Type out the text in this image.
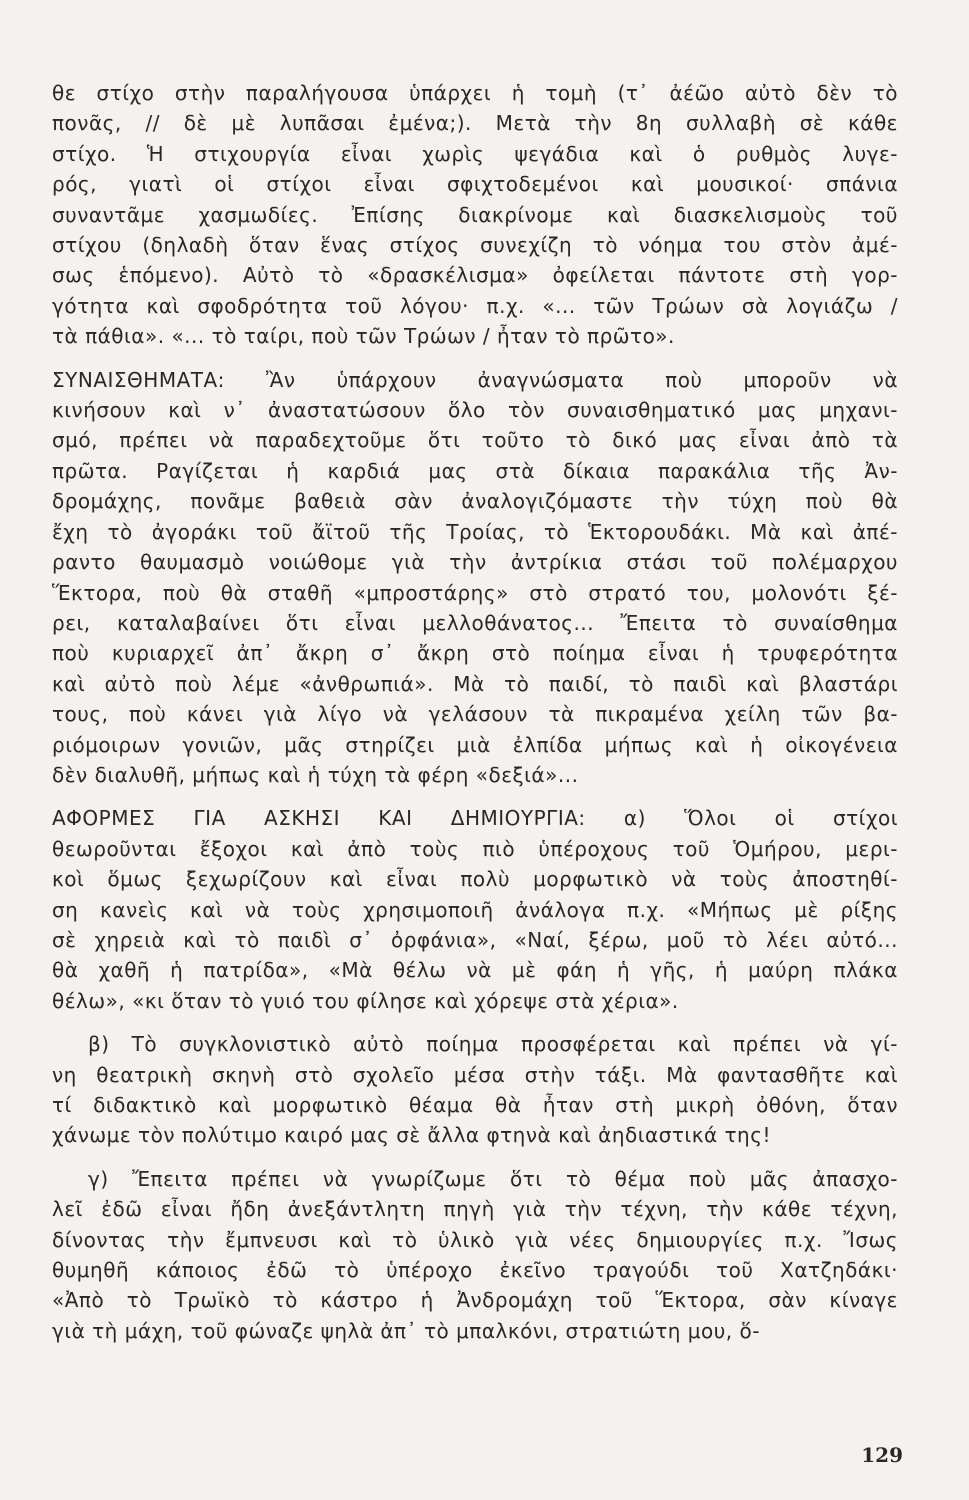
θε στίχο στὴν παραλήγουσα ὑπάρχει ἡ τομὴ (τ᾽ ἀέῶο αὐτὸ δὲν τὸ
πονᾶς, // δὲ μὲ λυπᾶσαι ἐμένα;). Μετὰ τὴν 8η συλλαβὴ σὲ κάθε
στίχο. Ἡ στιχουργία εἶναι χωρὶς ψεγάδια καὶ ὁ ρυθμὸς λυγε-
ρός, γιατὶ οἱ στίχοι εἶναι σφιχτοδεμένοι καὶ μουσικοί· σπάνια
συναντᾶμε χασμωδίες. Ἐπίσης διακρίνομε καὶ διασκελισμοὺς τοῦ
στίχου (δηλαδὴ ὅταν ἕνας στίχος συνεχίζη τὸ νόημα του στὸν ἀμέ-
σως ἑπόμενο). Αὐτὸ τὸ «δρασκέλισμα» ὀφείλεται πάντοτε στὴ γορ-
γότητα καὶ σφοδρότητα τοῦ λόγου· π.χ. «... τῶν Τρώων σὰ λογιάζω /
τὰ πάθια». «... τὸ ταίρι, ποὺ τῶν Τρώων / ἦταν τὸ πρῶτο».
ΣΥΝΑΙΣΘΗΜΑΤΑ: Ἂν ὑπάρχουν ἀναγνώσματα ποὺ μποροῦν νὰ
κινήσουν καὶ ν᾽ ἀναστατώσουν ὅλο τὸν συναισθηματικό μας μηχανι-
σμό, πρέπει νὰ παραδεχτοῦμε ὅτι τοῦτο τὸ δικό μας εἶναι ἀπὸ τὰ
πρῶτα. Ραγίζεται ἡ καρδιά μας στὰ δίκαια παρακάλια τῆς Ἀν-
δρομάχης, πονᾶμε βαθειὰ σὰν ἀναλογιζόμαστε τὴν τύχη ποὺ θὰ
ἔχη τὸ ἀγοράκι τοῦ ἄϊτοῦ τῆς Τροίας, τὸ Ἑκτορουδάκι. Μὰ καὶ ἀπέ-
ραντο θαυμασμὸ νοιώθομε γιὰ τὴν ἀντρίκια στάσι τοῦ πολέμαρχου
Ἕκτορα, ποὺ θὰ σταθῆ «μπροστάρης» στὸ στρατό του, μολονότι ξέ-
ρει, καταλαβαίνει ὅτι εἶναι μελλοθάνατος... Ἔπειτα τὸ συναίσθημα
ποὺ κυριαρχεῖ ἀπ᾽ ἄκρη σ᾽ ἄκρη στὸ ποίημα εἶναι ἡ τρυφερότητα
καὶ αὐτὸ ποὺ λέμε «ἀνθρωπιά». Μὰ τὸ παιδί, τὸ παιδὶ καὶ βλαστάρι
τους, ποὺ κάνει γιὰ λίγο νὰ γελάσουν τὰ πικραμένα χείλη τῶν βα-
ριόμοιρων γονιῶν, μᾶς στηρίζει μιὰ ἐλπίδα μήπως καὶ ἡ οἰκογένεια
δὲν διαλυθῆ, μήπως καὶ ἡ τύχη τὰ φέρη «δεξιά»...
ΑΦΟΡΜΕΣ ΓΙΑ ΑΣΚΗΣΙ ΚΑΙ ΔΗΜΙΟΥΡΓΙΑ: α) Ὅλοι οἱ στίχοι
θεωροῦνται ἔξοχοι καὶ ἀπὸ τοὺς πιὸ ὑπέροχους τοῦ Ὁμήρου, μερι-
κοὶ ὅμως ξεχωρίζουν καὶ εἶναι πολὺ μορφωτικὸ νὰ τοὺς ἀποστηθί-
ση κανεὶς καὶ νὰ τοὺς χρησιμοποιῆ ἀνάλογα π.χ. «Μήπως μὲ ρίξης
σὲ χηρειὰ καὶ τὸ παιδὶ σ᾽ ὀρφάνια», «Ναί, ξέρω, μοῦ τὸ λέει αὐτό...
θὰ χαθῆ ἡ πατρίδα», «Μὰ θέλω νὰ μὲ φάη ἡ γῆς, ἡ μαύρη πλάκα
θέλω», «κι ὅταν τὸ γυιό του φίλησε καὶ χόρεψε στὰ χέρια».
β) Τὸ συγκλονιστικὸ αὐτὸ ποίημα προσφέρεται καὶ πρέπει νὰ γί-
νη θεατρικὴ σκηνὴ στὸ σχολεῖο μέσα στὴν τάξι. Μὰ φαντασθῆτε καὶ
τί διδακτικὸ καὶ μορφωτικὸ θέαμα θὰ ἦταν στὴ μικρὴ ὀθόνη, ὅταν
χάνωμε τὸν πολύτιμο καιρό μας σὲ ἄλλα φτηνὰ καὶ ἀηδιαστικά της!
γ) Ἔπειτα πρέπει νὰ γνωρίζωμε ὅτι τὸ θέμα ποὺ μᾶς ἀπασχο-
λεῖ ἐδῶ εἶναι ἤδη ἀνεξάντλητη πηγὴ γιὰ τὴν τέχνη, τὴν κάθε τέχνη,
δίνοντας τὴν ἔμπνευσι καὶ τὸ ὑλικὸ γιὰ νέες δημιουργίες π.χ. Ἴσως
θυμηθῆ κάποιος ἐδῶ τὸ ὑπέροχο ἐκεῖνο τραγούδι τοῦ Χατζηδάκι·
«Ἀπὸ τὸ Τρωϊκὸ τὸ κάστρο ἡ Ἀνδρομάχη τοῦ Ἕκτορα, σὰν κίναγε
γιὰ τὴ μάχη, τοῦ φώναζε ψηλὰ ἀπ᾽ τὸ μπαλκόνι, στρατιώτη μου, ὅ-
129
